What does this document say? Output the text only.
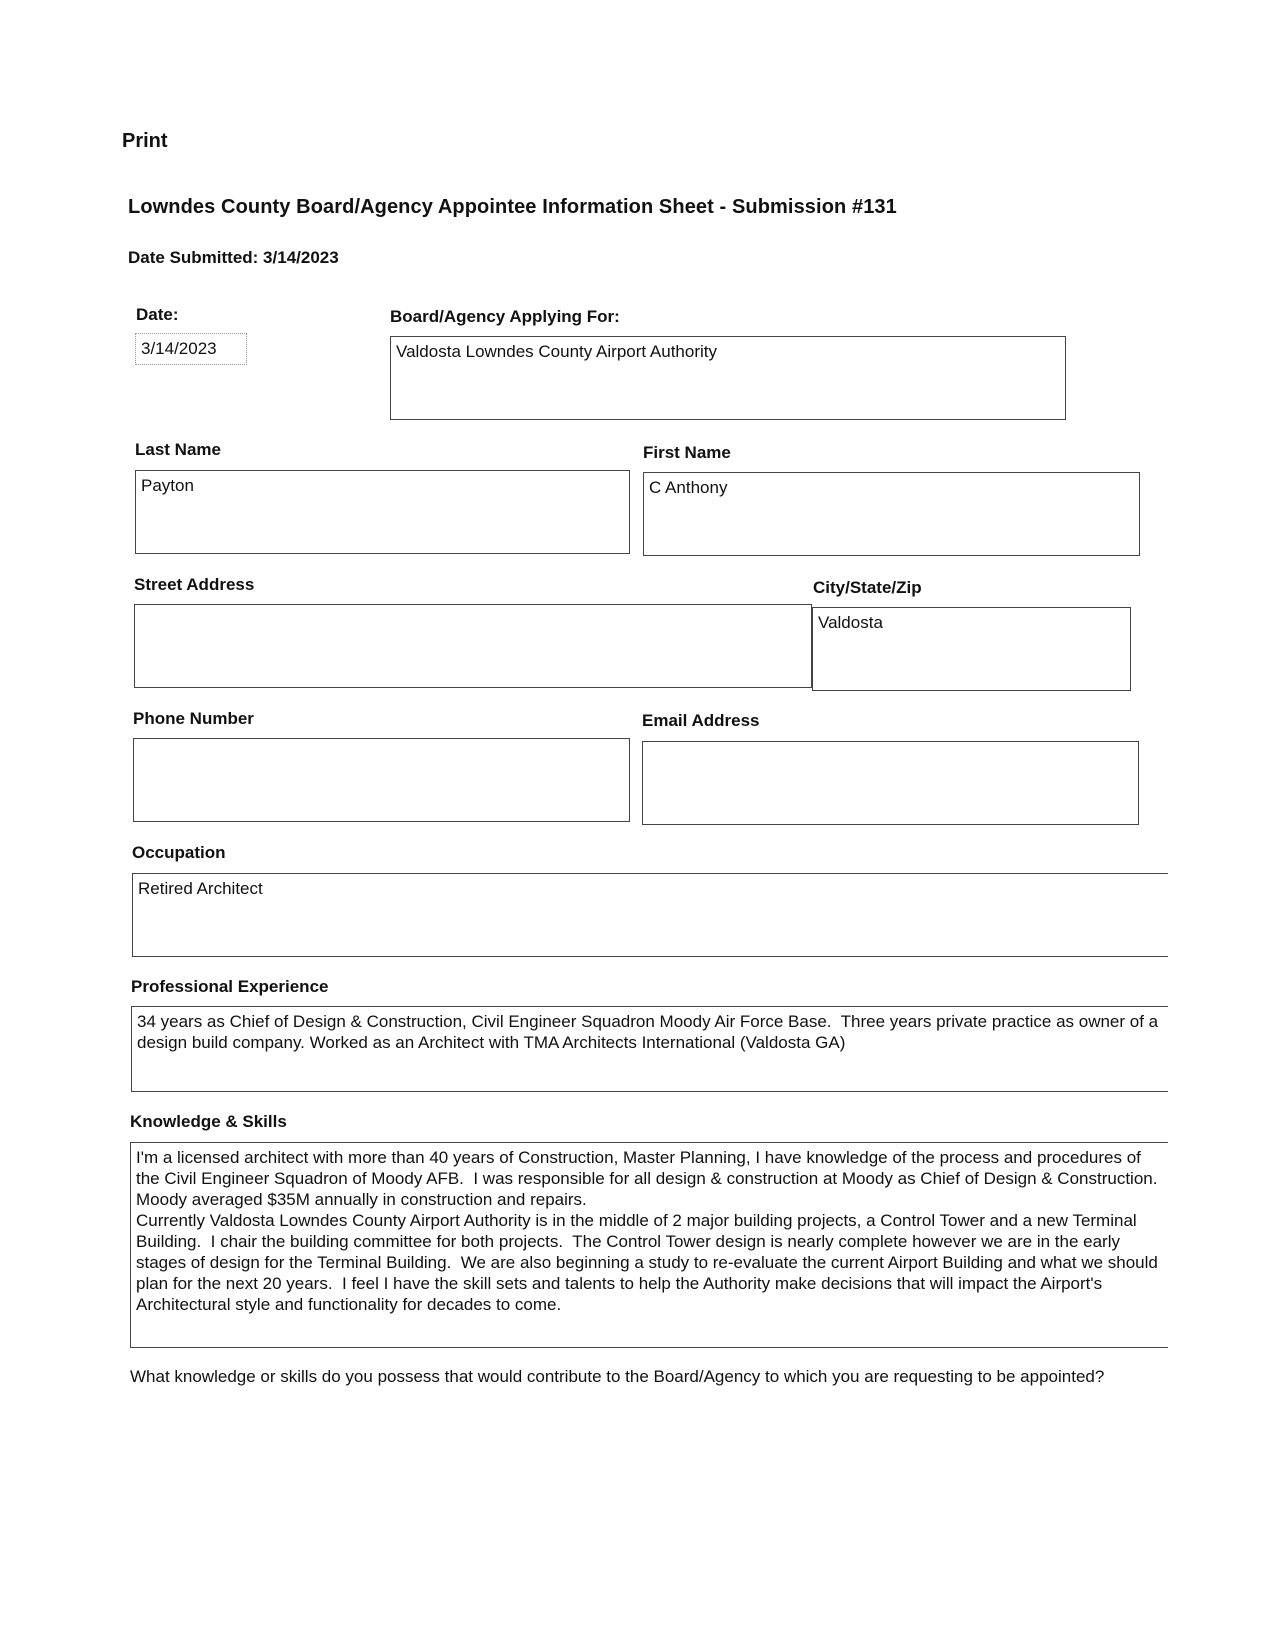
Print
Lowndes County Board/Agency Appointee Information Sheet - Submission #131
Date Submitted: 3/14/2023
Date:
3/14/2023
Board/Agency Applying For:
Valdosta Lowndes County Airport Authority
Last Name
Payton
First Name
C Anthony
Street Address	City/State/Zip
Valdosta
Phone Number	Email Address
Occupation
Retired Architect
Professional Experience
34 years as Chief of Design & Construction, Civil Engineer Squadron Moody Air Force Base.  Three years private practice as owner of a design build company. Worked as an Architect with TMA Architects International (Valdosta GA)
Knowledge & Skills
I'm a licensed architect with more than 40 years of Construction, Master Planning, I have knowledge of the process and procedures of the Civil Engineer Squadron of Moody AFB.  I was responsible for all design & construction at Moody as Chief of Design & Construction.  Moody averaged $35M annually in construction and repairs.
Currently Valdosta Lowndes County Airport Authority is in the middle of 2 major building projects, a Control Tower and a new Terminal Building.  I chair the building committee for both projects.  The Control Tower design is nearly complete however we are in the early stages of design for the Terminal Building.  We are also beginning a study to re-evaluate the current Airport Building and what we should plan for the next 20 years.  I feel I have the skill sets and talents to help the Authority make decisions that will impact the Airport's Architectural style and functionality for decades to come.
What knowledge or skills do you possess that would contribute to the Board/Agency to which you are requesting to be appointed?
